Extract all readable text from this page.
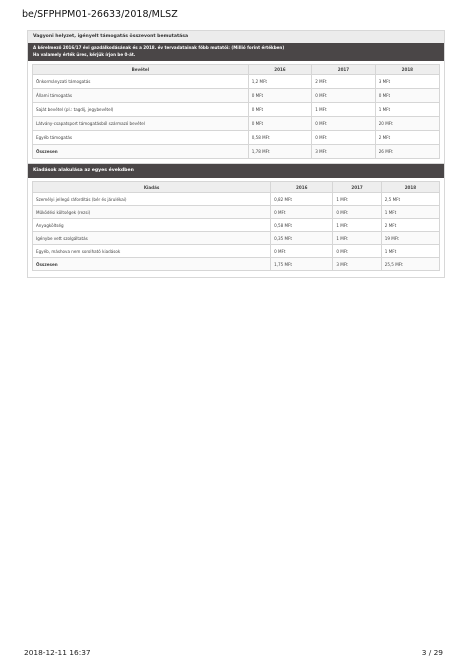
be/SFPHPM01-26633/2018/MLSZ
Vagyoni helyzet, igényelt támogatás összevont bemutatása
A kérelmező 2016/17 évi gazdálkodásának és a 2018. év tervadatainak főbb mutatói: (Millió forint értékben)
Ha valamely érték üres, kérjük írjon be 0-át.
Bevétel	2016	2017	2018
Önkormányzati támogatás	1,2 MFt	2 MFt	3 MFt
Állami támogatás	0 MFt	0 MFt	0 MFt
Saját bevétel (pl.: tagdíj, jegybevétel)	0 MFt	1 MFt	1 MFt
Látvány-csapatsport támogatásból származó bevétel	0 MFt	0 MFt	20 MFt
Egyéb támogatás	0,58 MFt	0 MFt	2 MFt
Összesen	1,78 MFt	3 MFt	26 MFt
Kiadások alakulása az egyes évekdben
Kiadás	2016	2017	2018
Személyi jellegű ráfordítás (bér és járulékai)	0,82 MFt	1 MFt	2,5 MFt
Működési költségek (rezsi)	0 MFt	0 MFt	1 MFt
Anyagköltség	0,58 MFt	1 MFt	2 MFt
Igénybe vett szolgáltatás	0,35 MFt	1 MFt	19 MFt
Egyéb, máshova nem sorolható kiadások	0 MFt	0 MFt	1 MFt
Összesen	1,75 MFt	3 MFt	25,5 MFt
2018-12-11 16:37	3 / 29
